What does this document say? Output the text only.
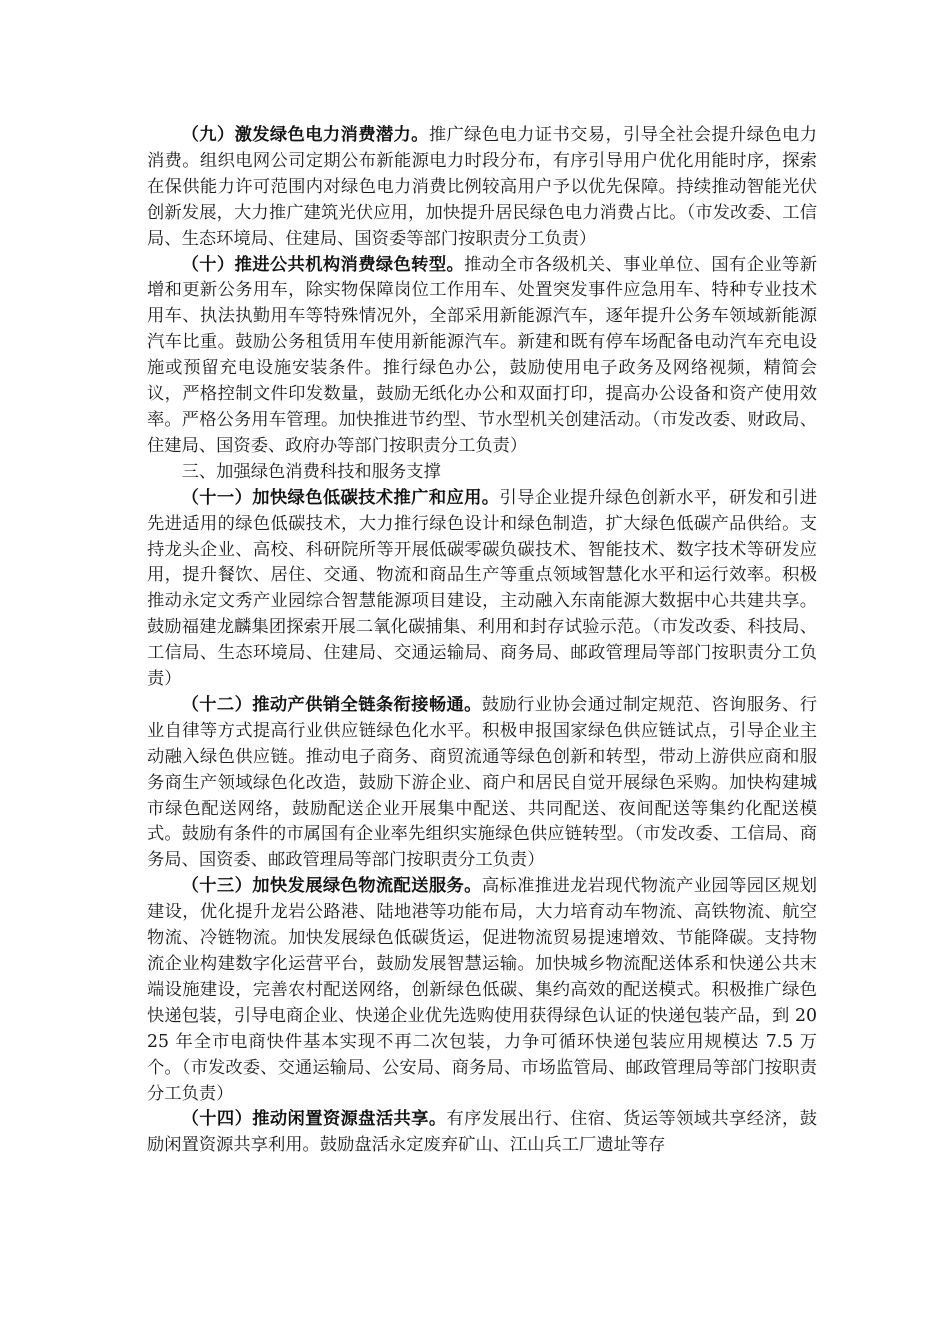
（九）激发绿色电力消费潜力。推广绿色电力证书交易，引导全社会提升绿色电力消费。组织电网公司定期公布新能源电力时段分布，有序引导用户优化用能时序，探索在保供能力许可范围内对绿色电力消费比例较高用户予以优先保障。持续推动智能光伏创新发展，大力推广建筑光伏应用，加快提升居民绿色电力消费占比。（市发改委、工信局、生态环境局、住建局、国资委等部门按职责分工负责）

（十）推进公共机构消费绿色转型。推动全市各级机关、事业单位、国有企业等新增和更新公务用车，除实物保障岗位工作用车、处置突发事件应急用车、特种专业技术用车、执法执勤用车等特殊情况外，全部采用新能源汽车，逐年提升公务车领域新能源汽车比重。鼓励公务租赁用车使用新能源汽车。新建和既有停车场配备电动汽车充电设施或预留充电设施安装条件。推行绿色办公，鼓励使用电子政务及网络视频，精简会议，严格控制文件印发数量，鼓励无纸化办公和双面打印，提高办公设备和资产使用效率。严格公务用车管理。加快推进节约型、节水型机关创建活动。（市发改委、财政局、住建局、国资委、政府办等部门按职责分工负责）

三、加强绿色消费科技和服务支撑

（十一）加快绿色低碳技术推广和应用。引导企业提升绿色创新水平，研发和引进先进适用的绿色低碳技术，大力推行绿色设计和绿色制造，扩大绿色低碳产品供给。支持龙头企业、高校、科研院所等开展低碳零碳负碳技术、智能技术、数字技术等研发应用，提升餐饮、居住、交通、物流和商品生产等重点领域智慧化水平和运行效率。积极推动永定文秀产业园综合智慧能源项目建设，主动融入东南能源大数据中心共建共享。鼓励福建龙麟集团探索开展二氧化碳捕集、利用和封存试验示范。（市发改委、科技局、工信局、生态环境局、住建局、交通运输局、商务局、邮政管理局等部门按职责分工负责）

（十二）推动产供销全链条衔接畅通。鼓励行业协会通过制定规范、咨询服务、行业自律等方式提高行业供应链绿色化水平。积极申报国家绿色供应链试点，引导企业主动融入绿色供应链。推动电子商务、商贸流通等绿色创新和转型，带动上游供应商和服务商生产领域绿色化改造，鼓励下游企业、商户和居民自觉开展绿色采购。加快构建城市绿色配送网络，鼓励配送企业开展集中配送、共同配送、夜间配送等集约化配送模式。鼓励有条件的市属国有企业率先组织实施绿色供应链转型。（市发改委、工信局、商务局、国资委、邮政管理局等部门按职责分工负责）

（十三）加快发展绿色物流配送服务。高标准推进龙岩现代物流产业园等园区规划建设，优化提升龙岩公路港、陆地港等功能布局，大力培育动车物流、高铁物流、航空物流、冷链物流。加快发展绿色低碳货运，促进物流贸易提速增效、节能降碳。支持物流企业构建数字化运营平台，鼓励发展智慧运输。加快城乡物流配送体系和快递公共末端设施建设，完善农村配送网络，创新绿色低碳、集约高效的配送模式。积极推广绿色快递包装，引导电商企业、快递企业优先选购使用获得绿色认证的快递包装产品，到 2025 年全市电商快件基本实现不再二次包装，力争可循环快递包装应用规模达 7.5 万个。（市发改委、交通运输局、公安局、商务局、市场监管局、邮政管理局等部门按职责分工负责）

（十四）推动闲置资源盘活共享。有序发展出行、住宿、货运等领域共享经济，鼓励闲置资源共享利用。鼓励盘活永定废弃矿山、江山兵工厂遗址等存
